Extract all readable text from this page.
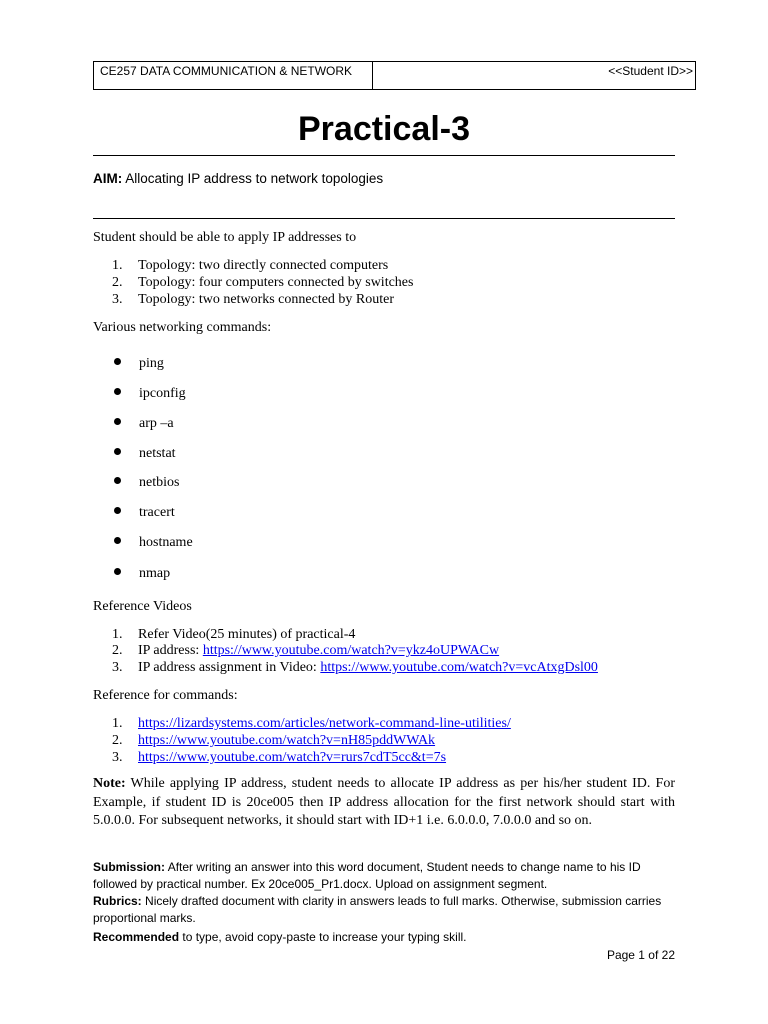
CE257 DATA COMMUNICATION & NETWORK	<<Student ID>>
Practical-3
AIM: Allocating IP address to network topologies
Student should be able to apply IP addresses to
1. Topology: two directly connected computers
2. Topology: four computers connected by switches
3. Topology: two networks connected by Router
Various networking commands:
ping
ipconfig
arp –a
netstat
netbios
tracert
hostname
nmap
Reference Videos
1. Refer Video(25 minutes) of practical-4
2. IP address: https://www.youtube.com/watch?v=ykz4oUPWACw
3. IP address assignment in Video: https://www.youtube.com/watch?v=vcAtxgDsl00
Reference for commands:
1. https://lizardsystems.com/articles/network-command-line-utilities/
2. https://www.youtube.com/watch?v=nH85pddWWAk
3. https://www.youtube.com/watch?v=rurs7cdT5cc&t=7s
Note: While applying IP address, student needs to allocate IP address as per his/her student ID. For Example, if student ID is 20ce005 then IP address allocation for the first network should start with 5.0.0.0. For subsequent networks, it should start with ID+1 i.e. 6.0.0.0, 7.0.0.0 and so on.
Submission: After writing an answer into this word document, Student needs to change name to his ID followed by practical number. Ex 20ce005_Pr1.docx. Upload on assignment segment.
Rubrics: Nicely drafted document with clarity in answers leads to full marks. Otherwise, submission carries proportional marks.
Recommended to type, avoid copy-paste to increase your typing skill.
Page 1 of 22
